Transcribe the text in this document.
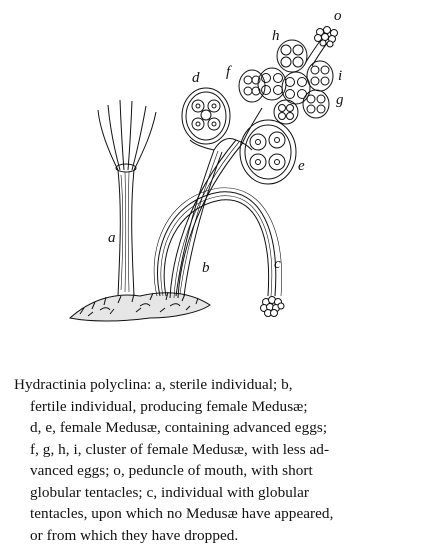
a
b	c
d
e
f
g
h
i
o
Hydractinia polyclina: a, sterile individual; b,
fertile individual, producing female Medusæ;
d, e, female Medusæ, containing advanced eggs;
f, g, h, i, cluster of female Medusæ, with less ad-
vanced eggs; o, peduncle of mouth, with short
globular tentacles; c, individual with globular
tentacles, upon which no Medusæ have appeared,
or from which they have dropped.
